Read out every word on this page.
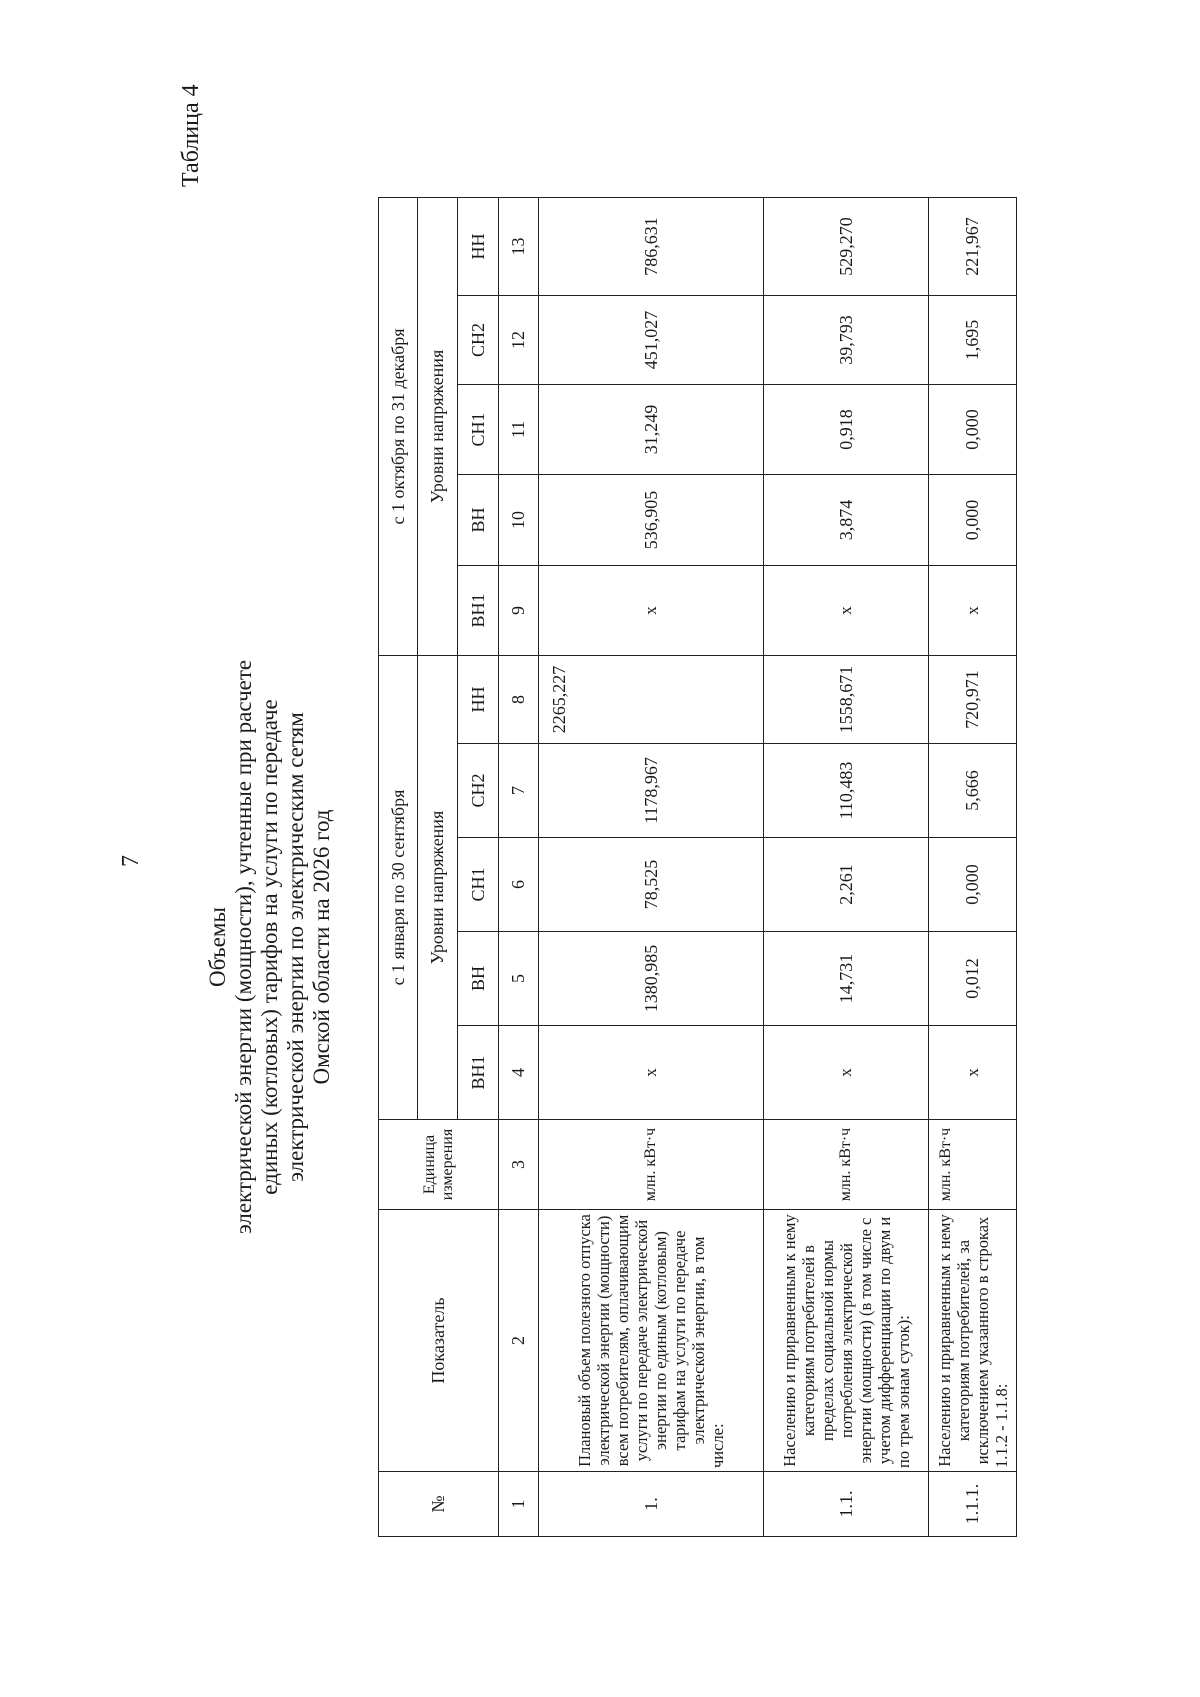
7
Таблица 4
Объемы электрической энергии (мощности), учтенные при расчете единых (котловых) тарифов на услуги по передаче электрической энергии по электрическим сетям Омской области на 2026 год
№	Показатель	Единица измерения	с 1 января по 30 сентября					с 1 октября по 31 декабря				
			Уровни напряжения					Уровни напряжения				
			ВН1	ВН	СН1	СН2	НН	ВН1	ВН	СН1	СН2	НН
1	2	3	4	5	6	7	8	9	10	11	12	13
1.	Плановый объем полезного отпуска электрической энергии (мощности) всем потребителям, оплачивающим услуги по передаче электрической энергии по единым (котловым) тарифам на услуги по передаче электрической энергии, в том числе:	млн. кВт·ч	x	1380,985	78,525	1178,967	2265,227	x	536,905	31,249	451,027	786,631
1.1.	Населению и приравненным к нему категориям потребителей в пределах социальной нормы потребления электрической энергии (мощности) (в том числе с учетом дифференциации по двум и по трем зонам суток):	млн. кВт·ч	x	14,731	2,261	110,483	1558,671	x	3,874	0,918	39,793	529,270
1.1.1.	Населению и приравненным к нему категориям потребителей, за исключением указанного в строках 1.1.2 - 1.1.8:	млн. кВт·ч	x	0,012	0,000	5,666	720,971	x	0,000	0,000	1,695	221,967
